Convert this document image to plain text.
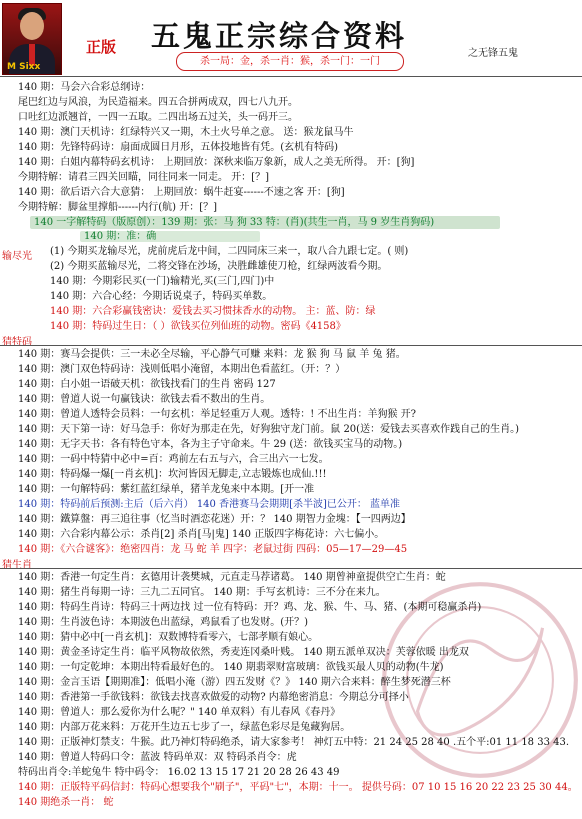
M Sixx
正版 五鬼正宗综合资料
之无锋五鬼
杀一局：金，杀一肖：猴，杀一门：一门
140 期：马会六合彩总纲诗：
尾巴红边与风浪，为民造福来。四五合拼两成双，四七八九开。
口吐红边派翘首，一四一五取。二四出场五过关，头一码开三。
140 期：澳门天机诗：红绿特兴又一期，木土火号单之意。 送：猴龙鼠马牛
140 期：先锋特码诗：扇面成圆日月形，五体投地皆有凭。(玄机有特码)
140 期：白姐内幕特码玄机诗： 上期回放：深秋来临万象新，成人之美无所得。 开：[狗]
今期特解：请君三四关回瞄，同往同来一同走。 开：[？]
140 期：欲后语六合大意猜： 上期回放：蜗牛赶宴------不速之客 开：[狗]
今期特解：脚盆里撑船------内行(航) 开：[？]
140 一字解特码（版原创）：139 期：张：马 狗 33 特：(肖)(共生一肖，马 9 岁生肖狗码)
140 期：准：确
输尽光 (1) 今期买龙输尽光，虎前虎后龙中间，二四同床三来一，取八合九跟七定。( 则)
(2) 今期买蓝输尽光，二将交锋在沙场，决胜雌雄使刀枪，红绿两波看今期。
140 期：今期彩民买(一门)输精光,买(三门,四门)中
140 期：六合心经：今期话说桌子，特码买单数。
140 期：六合彩赢钱密诀：爱钱去买习惯抹香水的动物。 主：蓝、防：绿
140 期：特码过生日：（ ）欲钱买位列仙班的动物。密码《4158》
猜特码
140 期：赛马会提供：三一未必全尽输，平心静气可赚 来料：龙 猴 狗 马 鼠 羊 兔 猪。
140 期：澳门双色特码诗：浅则低唱小淹留，本期出色看蓝红。（开：？）
140 期：白小姐一语破天机：欲钱找看门的生肖 密码 127
140 期：曾道人说一句赢钱诀：欲钱去看不数出的生肖。
140 期：曾道人透特会员料：一句玄机：举足轻重万人观。透特：! 不出生肖：羊狗猴 开?
140 期：天下第一诗：好马急手：你好为那走在先，好狗独守龙门前。鼠 20(送：爱钱去买喜欢作践自己的生肖。)
140 期：无字天书：各有特色守本，各为主子守命来。牛 29 (送：欲钱买宝马的动物。)
140 期：一码中特猜中必中=百：鸡前左右五与六，合三出六一七发。
140 期：特码爆一爆[一肖玄机]：坎河皆因无脚走,立志锻炼也成仙.!!!
140 期：一句解特码：紫红蓝红绿单，猪羊龙兔来中本期。[开一准
140 期：特码前后预测:主后（后六肖） 140 香港赛马会期期[杀半波]已公开： 蓝单准
140 期：鐵算盤：再三追往事（忆当时酒恋花迷）开：？ 140 期智力金塊：【一四两边】
140 期：六合彩内幕公示：杀肖[2] 杀肖[马|鬼] 140 正版四字梅花诗：六七偏小。
140 期：《六合谜客》：绝密四肖：龙 马 蛇 羊 四字：老鼠过街 四码：05—17—29—45
猜生肖
140 期：香港一句定生肖：玄德用计袭樊城，元直走马荐诸葛。 140 期曾神童提供空亡生肖：蛇
140 期：猪生肖每期一诗：三九二五同官。 140 期：手写玄机诗：三不分在来九。
140 期：特码生肖诗：特码三十两边找 过一位有特码：开？鸡、龙、猴、牛、马、猪、(本期可稳赢杀肖)
140 期：生肖波色诗：本期波色出蓝绿，鸡鼠看了也发财。(开？)
140 期：猜中必中[一肖玄机]：双数博特看零六，七部孝顺有娘心。
140 期：黄金圣诗定生肖：临平风物故依然，秀麦连冈桑叶贱。 140 期五派单双决：芙蓉依暖 出龙双
140 期：一句定乾坤：本期出特看最好色的。 140 期翡翠财富玻璃：欲钱买最人贝的动物(牛龙)
140 期：金言玉语【期期准】：低唱小淹（游）四五发财《？》 140 期六合来料：醉生梦死潜三杯
140 期：香港第一手欲钱料：欲钱去找喜欢做爱的动物? 内幕绝密消息：今期总分可择小
140 期：曾道人：那么爱你为什么呢？" 140 单双料）有儿春风《春丹》
140 期：内部万花来料：万花开生边五七步了一，绿蓝色彩尽是兔藏狗居。
140 期：正版神灯禁支：牛猴。此乃神灯特码绝杀，请大家参考！ 神灯五中特：21 24 25 28 40 .五个平:01 11 18 33 43.
140 期：曾道人特码口令：蓝波 特码单双：双 特码杀肖令：虎
特码出肖令:羊蛇兔牛 特中码令： 16.02 13 15 17 21 20 28 26 43 49
140 期：正版特平码信封：特码心想要我个"刷子"，平码"七"，本期：十一。 提供号码：07 10 15 16 20 22 23 25 30 44。
140 期绝杀一肖： 蛇
